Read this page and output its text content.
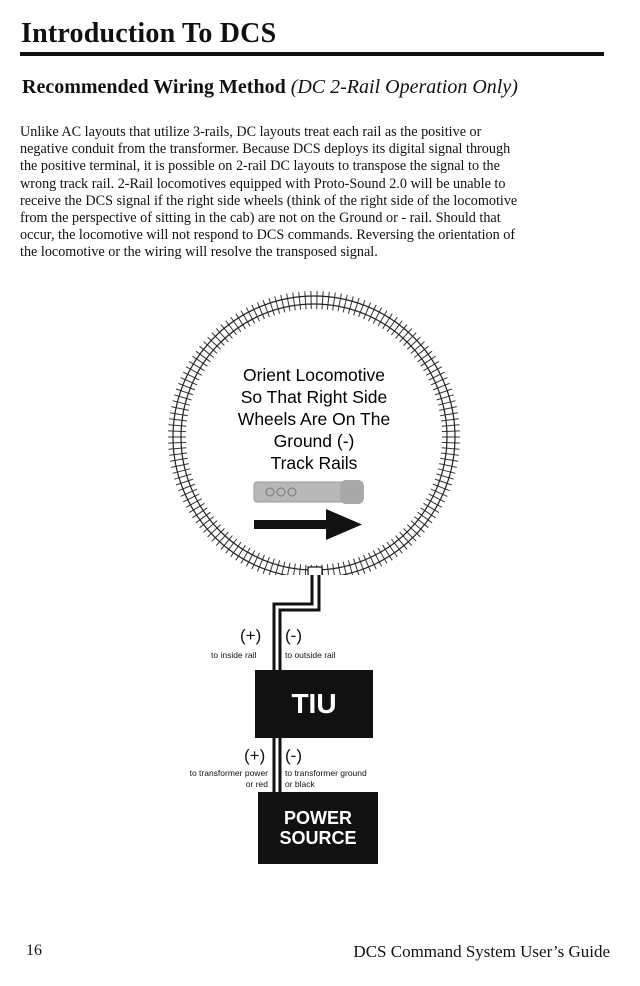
Introduction To DCS
Recommended Wiring Method (DC 2-Rail Operation Only)

Unlike AC layouts that utilize 3-rails, DC layouts treat each rail as the positive or
negative conduit from the transformer. Because DCS deploys its digital signal through
the positive terminal, it is possible on 2-rail DC layouts to transpose the signal to the
wrong track rail. 2-Rail locomotives equipped with Proto-Sound 2.0 will be unable to
receive the DCS signal if the right side wheels (think of the right side of the locomotive
from the perspective of sitting in the cab) are not on the Ground or - rail. Should that
occur, the locomotive will not respond to DCS commands. Reversing the orientation of
the locomotive or the wiring will resolve the transposed signal.

Orient Locomotive
So That Right Side
Wheels Are On The
Ground (-)
Track Rails
(+) (-)
to inside rail	to outside rail
TIU
(+) (-)
to transformer power
or red
to transformer ground
or black
POWER
SOURCE
16	DCS Command System User’s Guide
